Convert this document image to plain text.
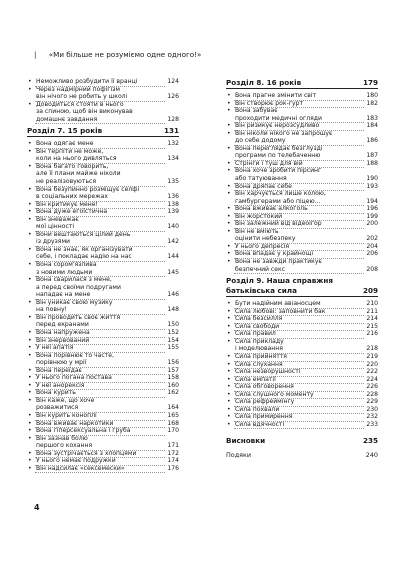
| «Ми більше не розуміємо одне одного!»
• Неможливо розбудити її вранці	124
• Через надмірний пофігізм
він нічого не робить у школі	126
• Доводиться стояти в нього
за спиною, щоб він виконував
домашнє завдання	128
Розділ 7. 15 років	131
• Вона одягає мене	132
• Він терпіти не може,
коли на нього дивляться	134
• Вона багато говорить,
але її плани майже ніколи
не реалізовуються	135
• Вона безупинно розміщує селфі
в соціальних мережах	136
• Він критикує мене!	138
• Вона дуже егоїстична	139
• Він зневажає
мої цінності	140
• Вони вештаються цілий день
із друзями	142
• Вона не знає, як організувати
себе, і покладає надію на нас	144
• Вона сором'язлива
з новими людьми	145
• Вона сварилася з мене,
а перед своїми подругами
нападає на мене	146
• Він уникає свою музику
на повну!	148
• Він проводить своє життя
перед екранами	150
• Вона напружена	152
• Він знервований	154
• У неї апатія	155
• Вона порівнює то часте,
порівнюю у мрії	156
• Вона переїдає	157
• У нього погана постава	158
• У неї анорексія	160
• Вона курить	162
• Він каже, що хоче
розважитися	164
• Він курить коноплі	165
• Вона вживає наркотики	168
• Вона гіперсексуальна і груба	170
• Він зазнав болю
першого кохання	171
• Вона зустрічається з хлопцями	172
• У нього немає подружки	174
• Він надсилає «сексемески»	176
Розділ 8. 16 років	179
• Вона прагне змінити світ	180
• Він створює рок-гурт	182
• Вона забуває
проходити медичні огляди	183
• Він ризикує нерозсудливо	184
• Він ніколи нікого не запрошує
до себе додому	186
• Вона переглядає безглузді
програми по телебаченню	187
• Стрінги і туш для вій	188
• Вона хоче зробити пірсинг
або татуювання	190
• Вона дряпає себе	193
• Він харчується лише колою,
гамбургерами або піцею…	194
• Вона вживає алкоголь	196
• Він жорстокий	199
• Він залежний від відеоігор	200
• Він не вміють
оцінити небезпеку	202
• У нього депресія	204
• Вона впадає у крайнощі	206
• Вона не завжди практикує
безпечний секс	208
Розділ 9. Наша справжня
батьківська сила	209
• Бути надійним авіаносцем	210
• Сила любові: заповнити бак	211
• Сила безсилля	214
• Сила свободи	215
• Сила правил	216
• Сила прикладу
і моделювання	218
• Сила прийняття	219
• Сила слухання	220
• Сила незворушності	222
• Сила емпатії	224
• Сила обговорення	226
• Сила слушного моменту	228
• Сила рефреймінгу	229
• Сила похвали	230
• Сила примирення	232
• Сила вдячності	233
Висновки	235
Подяки	240
4
